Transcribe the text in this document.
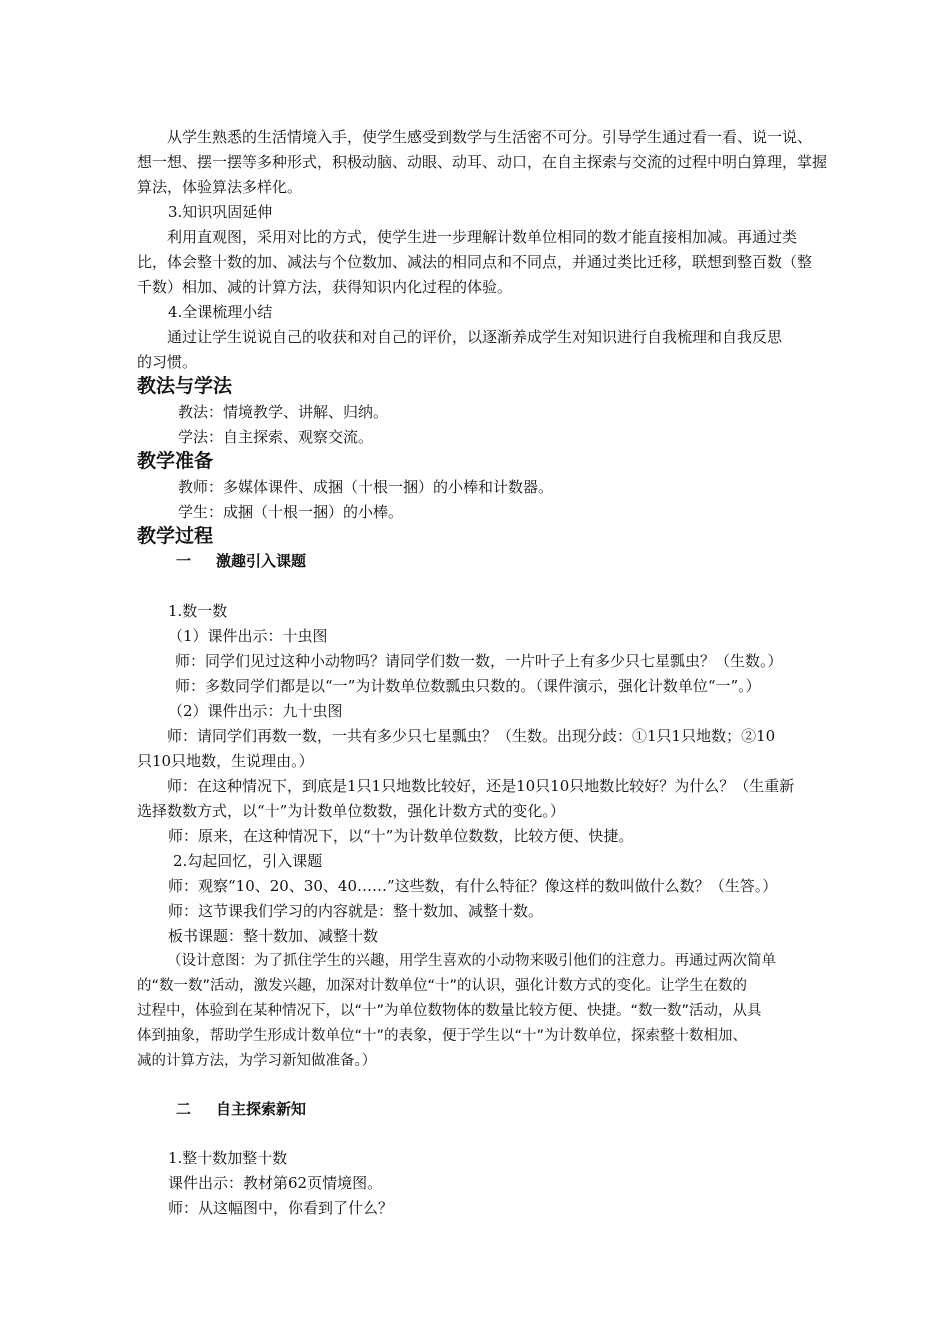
从学生熟悉的生活情境入手，使学生感受到数学与生活密不可分。引导学生通过看一看、说一说、
想一想、摆一摆等多种形式，积极动脑、动眼、动耳、动口，在自主探索与交流的过程中明白算理，掌握
算法，体验算法多样化。
3.知识巩固延伸
利用直观图，采用对比的方式，使学生进一步理解计数单位相同的数才能直接相加减。再通过类
比，体会整十数的加、减法与个位数加、减法的相同点和不同点，并通过类比迁移，联想到整百数（整
千数）相加、减的计算方法，获得知识内化过程的体验。
4.全课梳理小结
通过让学生说说自己的收获和对自己的评价，以逐渐养成学生对知识进行自我梳理和自我反思
的习惯。
教法与学法
教法：情境教学、讲解、归纳。
学法：自主探索、观察交流。
教学准备
教师：多媒体课件、成捆（十根一捆）的小棒和计数器。
学生：成捆（十根一捆）的小棒。
教学过程
一 激趣引入课题
1.数一数
（1）课件出示：十虫图
师：同学们见过这种小动物吗？请同学们数一数，一片叶子上有多少只七星瓢虫？（生数。）
师：多数同学们都是以“一”为计数单位数瓢虫只数的。（课件演示，强化计数单位“一”。）
（2）课件出示：九十虫图
师：请同学们再数一数，一共有多少只七星瓢虫？（生数。出现分歧：①1只1只地数；②10
只10只地数，生说理由。）
师：在这种情况下，到底是1只1只地数比较好，还是10只10只地数比较好？为什么？（生重新
选择数数方式，以“十”为计数单位数数，强化计数方式的变化。）
师：原来，在这种情况下，以“十”为计数单位数数，比较方便、快捷。
2.勾起回忆，引入课题
师：观察“10、20、30、40……”这些数，有什么特征？像这样的数叫做什么数？（生答。）
师：这节课我们学习的内容就是：整十数加、减整十数。
板书课题：整十数加、减整十数
（设计意图：为了抓住学生的兴趣，用学生喜欢的小动物来吸引他们的注意力。再通过两次简单
的“数一数”活动，激发兴趣，加深对计数单位“十”的认识，强化计数方式的变化。让学生在数的
过程中，体验到在某种情况下，以“十”为单位数物体的数量比较方便、快捷。“数一数”活动，从具
体到抽象，帮助学生形成计数单位“十”的表象，便于学生以“十”为计数单位，探索整十数相加、
减的计算方法，为学习新知做准备。）
二 自主探索新知
1.整十数加整十数
课件出示：教材第62页情境图。
师：从这幅图中，你看到了什么？
